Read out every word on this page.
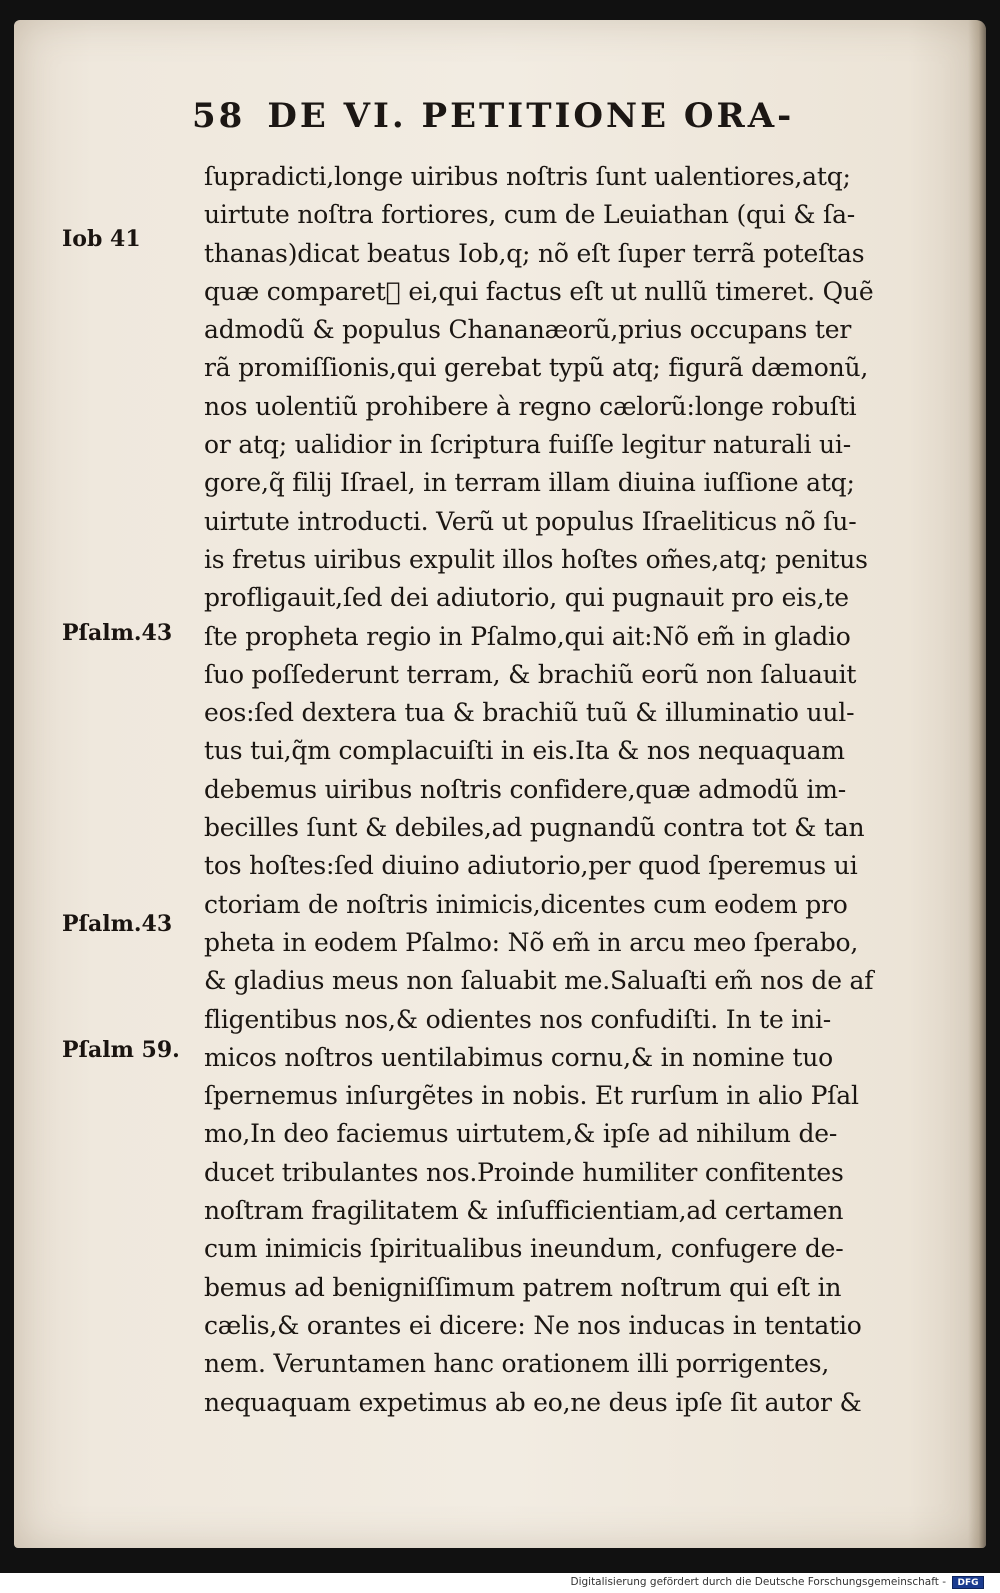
58 DE VI. PETITIONE ORA-
Iob 41
Pſalm.43
Pſalm.43
Pſalm 59.
ſupradicti,longe uiribus noſtris ſunt ualentiores,atq;
uirtute noſtra fortiores, cum de Leuiathan (qui & ſa-
thanas)dicat beatus Iob,q; nõ eſt ſuper terrã poteſtas
quæ comparetᷣ ei,qui factus eſt ut nullũ timeret. Quẽ
admodũ & populus Chananæorũ,prius occupans ter
rã promiſſionis,qui gerebat typũ atq; figurã dæmonũ,
nos uolentiũ prohibere à regno cælorũ:longe robuſti
or atq; ualidior in ſcriptura fuiſſe legitur naturali ui-
gore,q̃ filij Iſrael, in terram illam diuina iuſſione atq;
uirtute introducti. Verũ ut populus Iſraeliticus nõ ſu-
is fretus uiribus expulit illos hoſtes om̃es,atq; penitus
profligauit,ſed dei adiutorio, qui pugnauit pro eis,te
ſte propheta regio in Pſalmo,qui ait:Nõ em̃ in gladio
ſuo poſſederunt terram, & brachiũ eorũ non ſaluauit
eos:ſed dextera tua & brachiũ tuũ & illuminatio uul-
tus tui,q̃m complacuiſti in eis.Ita & nos nequaquam
debemus uiribus noſtris confidere,quæ admodũ im-
becilles ſunt & debiles,ad pugnandũ contra tot & tan
tos hoſtes:ſed diuino adiutorio,per quod ſperemus ui
ctoriam de noſtris inimicis,dicentes cum eodem pro
pheta in eodem Pſalmo: Nõ em̃ in arcu meo ſperabo,
& gladius meus non ſaluabit me.Saluaſti em̃ nos de af
fligentibus nos,& odientes nos confudiſti. In te ini-
micos noſtros uentilabimus cornu,& in nomine tuo
ſpernemus inſurgẽtes in nobis. Et rurſum in alio Pſal
mo,In deo faciemus uirtutem,& ipſe ad nihilum de-
ducet tribulantes nos.Proinde humiliter confitentes
noſtram fragilitatem & inſufficientiam,ad certamen
cum inimicis ſpiritualibus ineundum, confugere de-
bemus ad benigniſſimum patrem noſtrum qui eſt in
cælis,& orantes ei dicere: Ne nos inducas in tentatio
nem. Veruntamen hanc orationem illi porrigentes,
nequaquam expetimus ab eo,ne deus ipſe ſit autor &
Digitalisierung gefördert durch die Deutsche Forschungsgemeinschaft -	DFG
